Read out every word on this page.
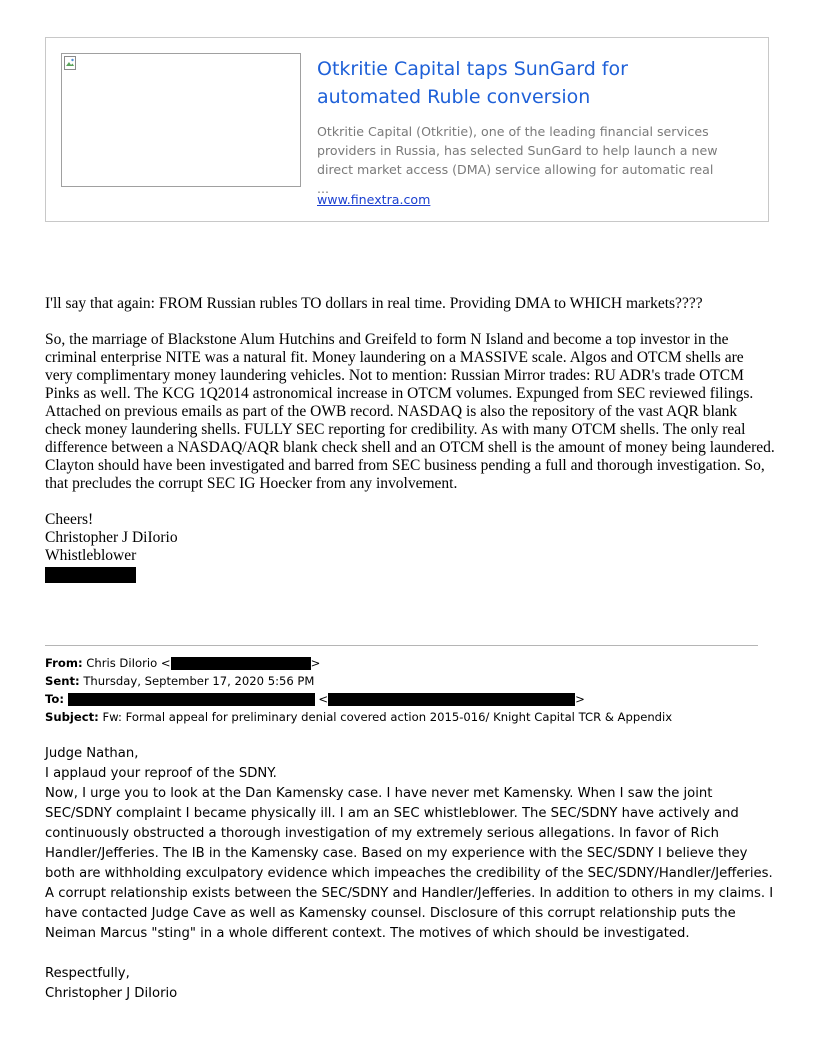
Otkritie Capital taps SunGard for automated Ruble conversion
Otkritie Capital (Otkritie), one of the leading financial services providers in Russia, has selected SunGard to help launch a new direct market access (DMA) service allowing for automatic real ...
www.finextra.com

I'll say that again: FROM Russian rubles TO dollars in real time. Providing DMA to WHICH markets????

So, the marriage of Blackstone Alum Hutchins and Greifeld to form N Island and become a top investor in the criminal enterprise NITE was a natural fit. Money laundering on a MASSIVE scale. Algos and OTCM shells are very complimentary money laundering vehicles. Not to mention: Russian Mirror trades: RU ADR's trade OTCM Pinks as well. The KCG 1Q2014 astronomical increase in OTCM volumes. Expunged from SEC reviewed filings. Attached on previous emails as part of the OWB record. NASDAQ is also the repository of the vast AQR blank check money laundering shells. FULLY SEC reporting for credibility. As with many OTCM shells. The only real difference between a NASDAQ/AQR blank check shell and an OTCM shell is the amount of money being laundered. Clayton should have been investigated and barred from SEC business pending a full and thorough investigation. So, that precludes the corrupt SEC IG Hoecker from any involvement.

Cheers!
Christopher J DiIorio
Whistleblower
From: Chris DiIorio <	>
Sent: Thursday, September 17, 2020 5:56 PM
To:	<	>
Subject: Fw: Formal appeal for preliminary denial covered action 2015-016/ Knight Capital TCR & Appendix

Judge Nathan,

I applaud your reproof of the SDNY.

Now, I urge you to look at the Dan Kamensky case. I have never met Kamensky. When I saw the joint SEC/SDNY complaint I became physically ill. I am an SEC whistleblower. The SEC/SDNY have actively and continuously obstructed a thorough investigation of my extremely serious allegations. In favor of Rich Handler/Jefferies. The IB in the Kamensky case. Based on my experience with the SEC/SDNY I believe they both are withholding exculpatory evidence which impeaches the credibility of the SEC/SDNY/Handler/Jefferies. A corrupt relationship exists between the SEC/SDNY and Handler/Jefferies. In addition to others in my claims. I have contacted Judge Cave as well as Kamensky counsel. Disclosure of this corrupt relationship puts the Neiman Marcus "sting" in a whole different context. The motives of which should be investigated.

Respectfully,

Christopher J DiIorio
